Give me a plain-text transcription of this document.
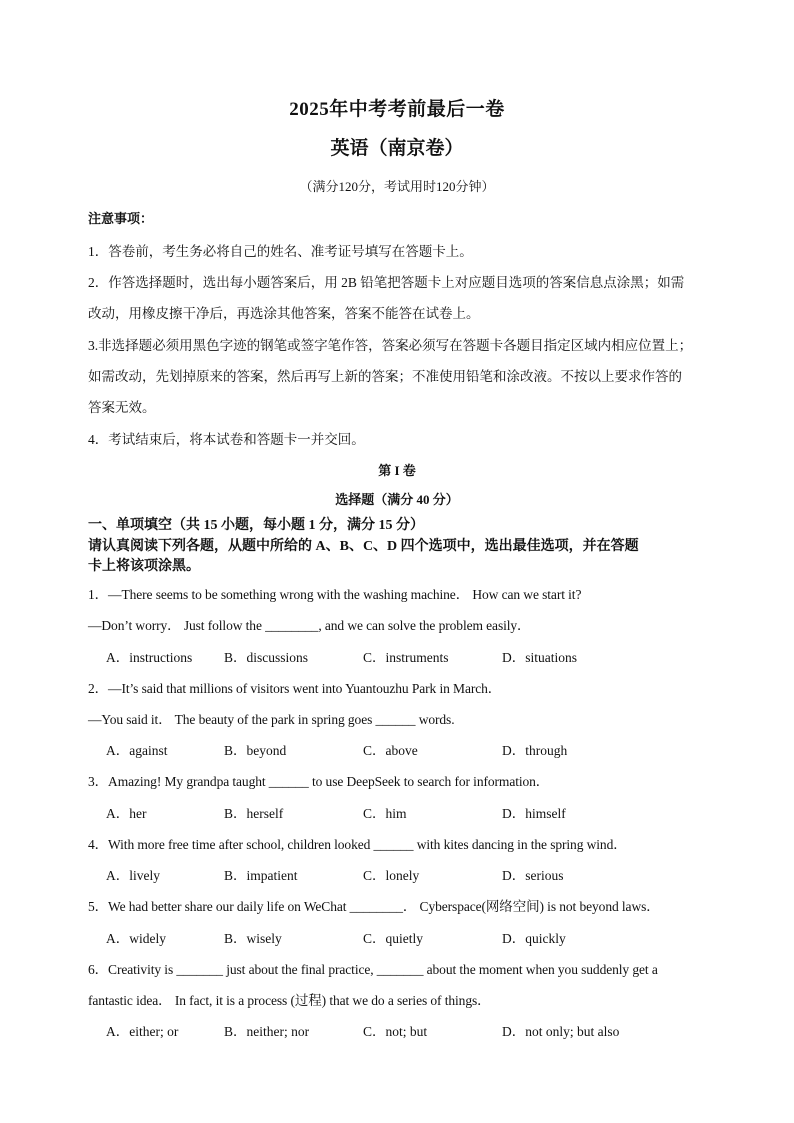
2025年中考考前最后一卷
英语（南京卷）
（满分120分，考试用时120分钟）
注意事项：
1．答卷前，考生务必将自己的姓名、准考证号填写在答题卡上。
2．作答选择题时，选出每小题答案后，用 2B 铅笔把答题卡上对应题目选项的答案信息点涂黑；如需
改动，用橡皮擦干净后，再选涂其他答案，答案不能答在试卷上。
3.非选择题必须用黑色字迹的钢笔或签字笔作答，答案必须写在答题卡各题目指定区域内相应位置上；
如需改动，先划掉原来的答案，然后再写上新的答案；不准使用铅笔和涂改液。不按以上要求作答的
答案无效。
4．考试结束后，将本试卷和答题卡一并交回。
第 I 卷
选择题（满分 40 分）
一、单项填空（共 15 小题，每小题 1 分，满分 15 分）
请认真阅读下列各题，从题中所给的 A、B、C、D 四个选项中，选出最佳选项，并在答题
卡上将该项涂黑。
1．—There seems to be something wrong with the washing machine． How can we start it?
—Don’t worry． Just follow the ________, and we can solve the problem easily．
A．instructions B．discussions	C．instruments	D．situations
2．—It’s said that millions of visitors went into Yuantouzhu Park in March．
—You said it． The beauty of the park in spring goes ______ words.
A．against	B．beyond	C．above	D．through
3．Amazing! My grandpa taught ______ to use DeepSeek to search for information．
A．her	B．herself	C．him	D．himself
4．With more free time after school, children looked ______ with kites dancing in the spring wind．
A．lively	B．impatient	C．lonely	D．serious
5．We had better share our daily life on WeChat ________． Cyberspace(网络空间) is not beyond laws．
A．widely	B．wisely	C．quietly	D．quickly
6．Creativity is _______ just about the final practice, _______ about the moment when you suddenly get a
fantastic idea． In fact, it is a process (过程) that we do a series of things．
A．either; or	B．neither; nor	C．not; but	D．not only; but also
